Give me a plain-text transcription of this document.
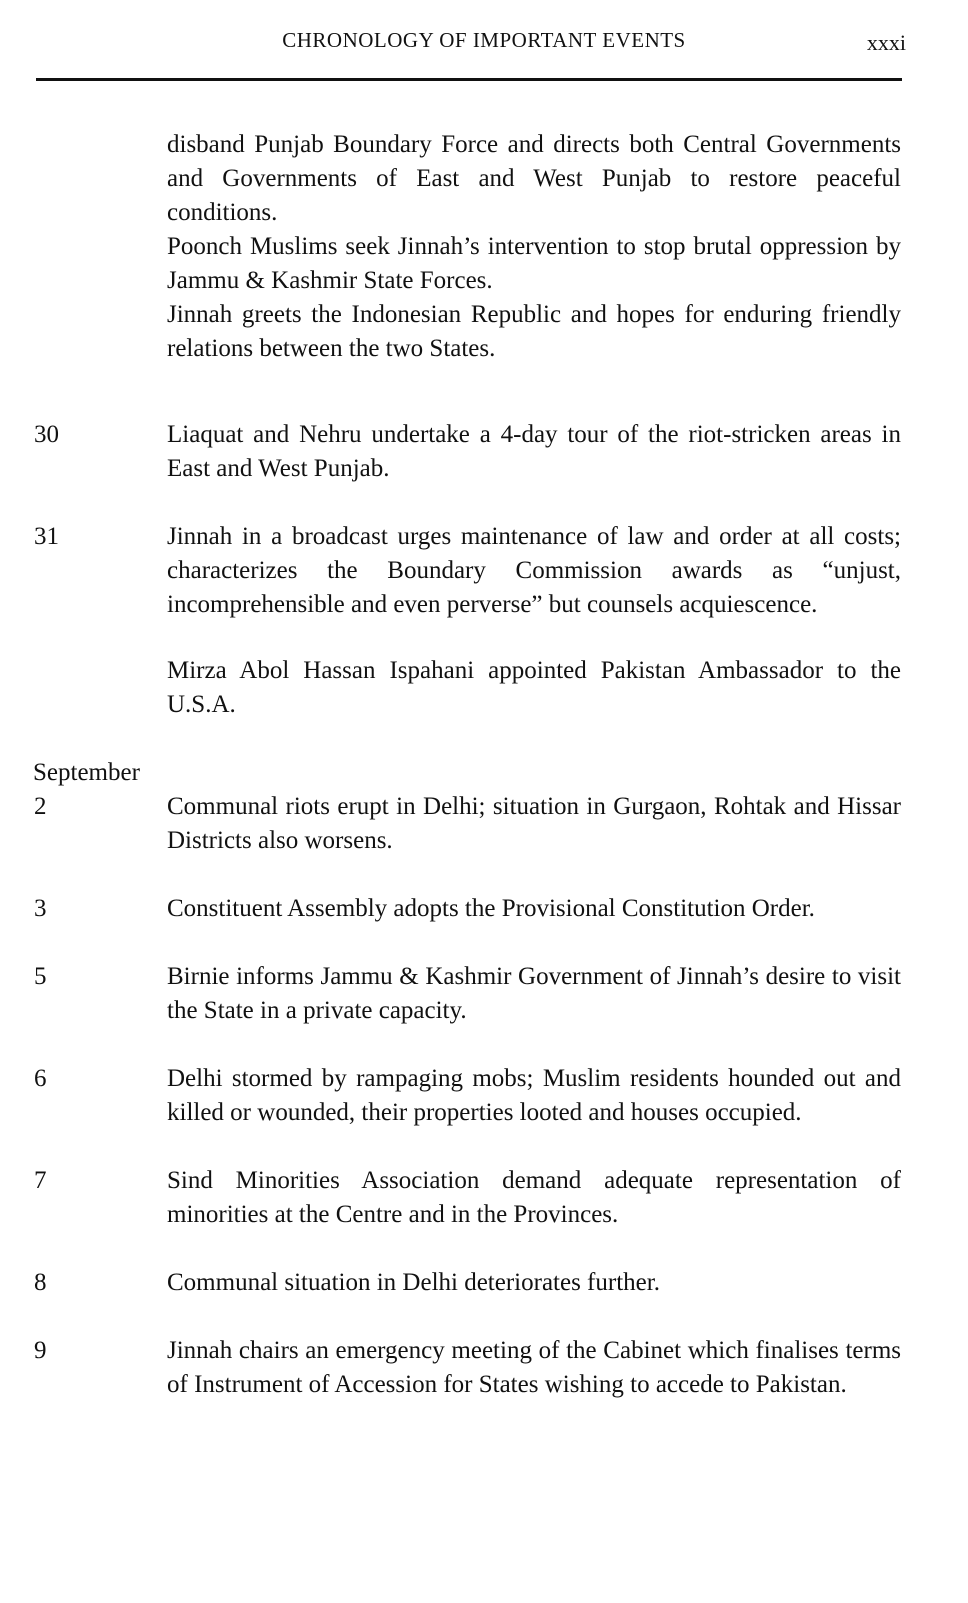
CHRONOLOGY OF IMPORTANT EVENTS	xxxi

disband Punjab Boundary Force and directs both Central Governments and Governments of East and West Punjab to restore peaceful conditions.

Poonch Muslims seek Jinnah’s intervention to stop brutal oppression by Jammu & Kashmir State Forces.

Jinnah greets the Indonesian Republic and hopes for enduring friendly relations between the two States.

30	Liaquat and Nehru undertake a 4-day tour of the riot-stricken areas in East and West Punjab.

31	Jinnah in a broadcast urges maintenance of law and order at all costs; characterizes the Boundary Commission awards as “unjust, incomprehensible and even perverse” but counsels acquiescence.

Mirza Abol Hassan Ispahani appointed Pakistan Ambassador to the U.S.A.

September
2	Communal riots erupt in Delhi; situation in Gurgaon, Rohtak and Hissar Districts also worsens.

3	Constituent Assembly adopts the Provisional Constitution Order.

5	Birnie informs Jammu & Kashmir Government of Jinnah’s desire to visit the State in a private capacity.

6	Delhi stormed by rampaging mobs; Muslim residents hounded out and killed or wounded, their properties looted and houses occupied.

7	Sind Minorities Association demand adequate representation of minorities at the Centre and in the Provinces.

8	Communal situation in Delhi deteriorates further.

9	Jinnah chairs an emergency meeting of the Cabinet which finalises terms of Instrument of Accession for States wishing to accede to Pakistan.
